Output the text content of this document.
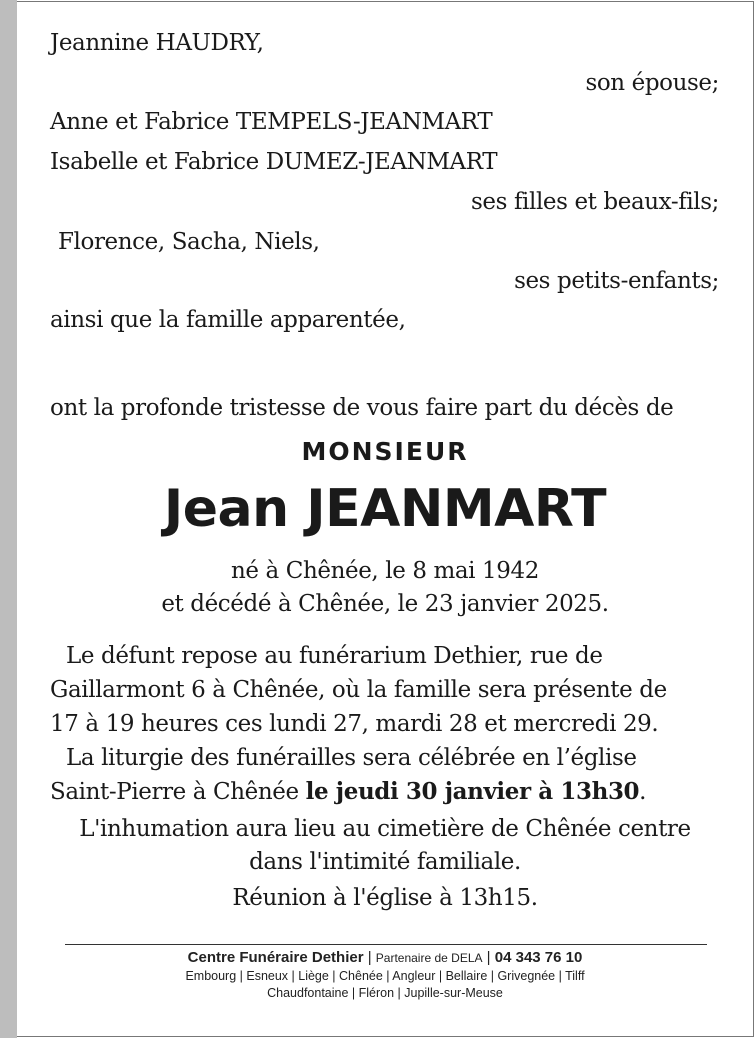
Jeannine HAUDRY,
son épouse;
Anne et Fabrice TEMPELS-JEANMART
Isabelle et Fabrice DUMEZ-JEANMART
ses filles et beaux-fils;
Florence, Sacha, Niels,
ses petits-enfants;
ainsi que la famille apparentée,
ont la profonde tristesse de vous faire part du décès de
MONSIEUR
Jean JEANMART
né à Chênée, le 8 mai 1942
et décédé à Chênée, le 23 janvier 2025.
Le défunt repose au funérarium Dethier, rue de
Gaillarmont 6 à Chênée, où la famille sera présente de
17 à 19 heures ces lundi 27, mardi 28 et mercredi 29.
La liturgie des funérailles sera célébrée en l’église
Saint-Pierre à Chênée le jeudi 30 janvier à 13h30.
L'inhumation aura lieu au cimetière de Chênée centre
dans l'intimité familiale.
Réunion à l'église à 13h15.
Centre Funéraire Dethier | Partenaire de DELA | 04 343 76 10
Embourg | Esneux | Liège | Chênée | Angleur | Bellaire | Grivegnée | Tilff
Chaudfontaine | Fléron | Jupille-sur-Meuse
